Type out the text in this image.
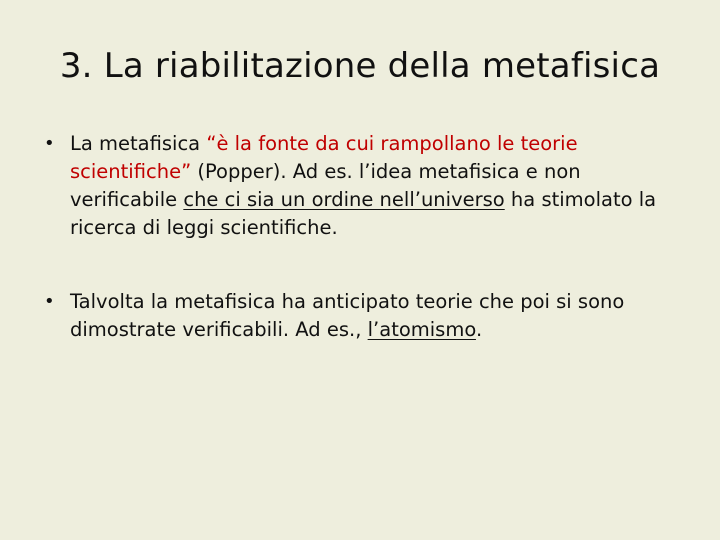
3. La riabilitazione della metafisica
• La metafisica “è la fonte da cui rampollano le teorie scientifiche” (Popper). Ad es. l’idea metafisica e non verificabile che ci sia un ordine nell’universo ha stimolato la ricerca di leggi scientifiche.
• Talvolta la metafisica ha anticipato teorie che poi si sono dimostrate verificabili. Ad es., l’atomismo.
